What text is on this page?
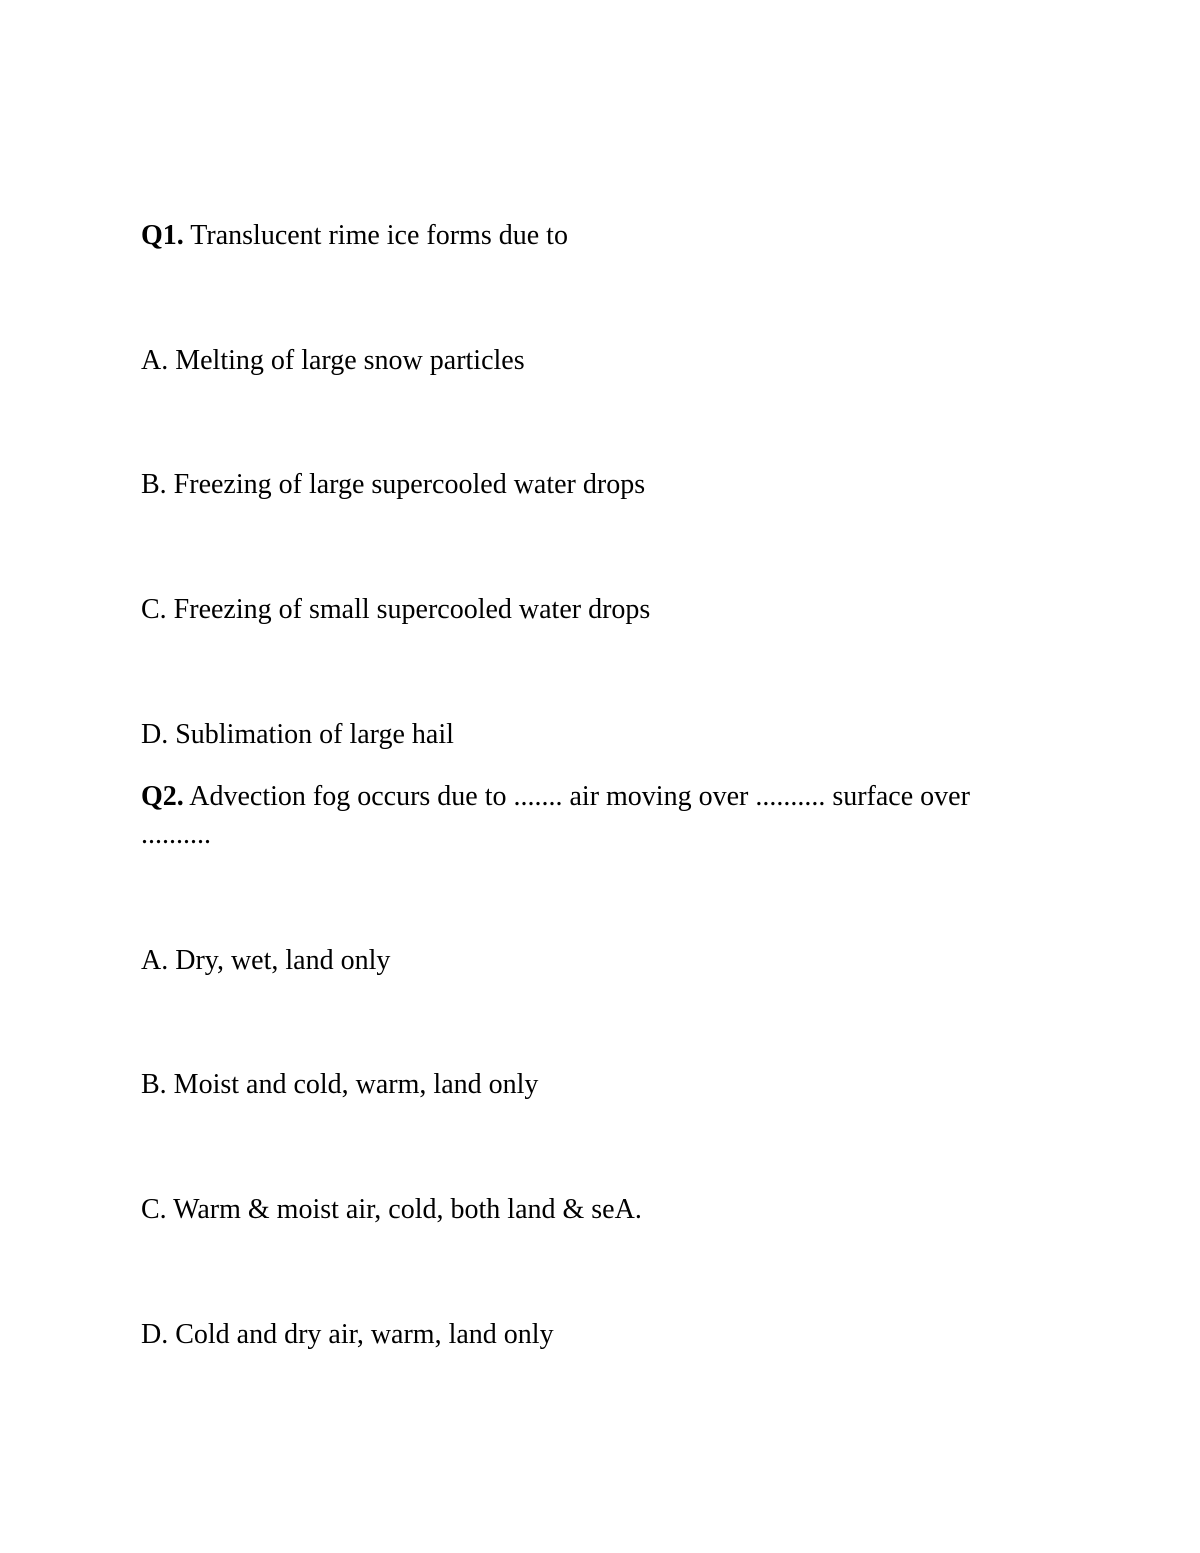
Q1. Translucent rime ice forms due to
A. Melting of large snow particles
B. Freezing of large supercooled water drops
C. Freezing of small supercooled water drops
D. Sublimation of large hail
Q2. Advection fog occurs due to ....... air moving over .......... surface over ..........
A. Dry, wet, land only
B. Moist and cold, warm, land only
C. Warm & moist air, cold, both land & seA.
D. Cold and dry air, warm, land only
